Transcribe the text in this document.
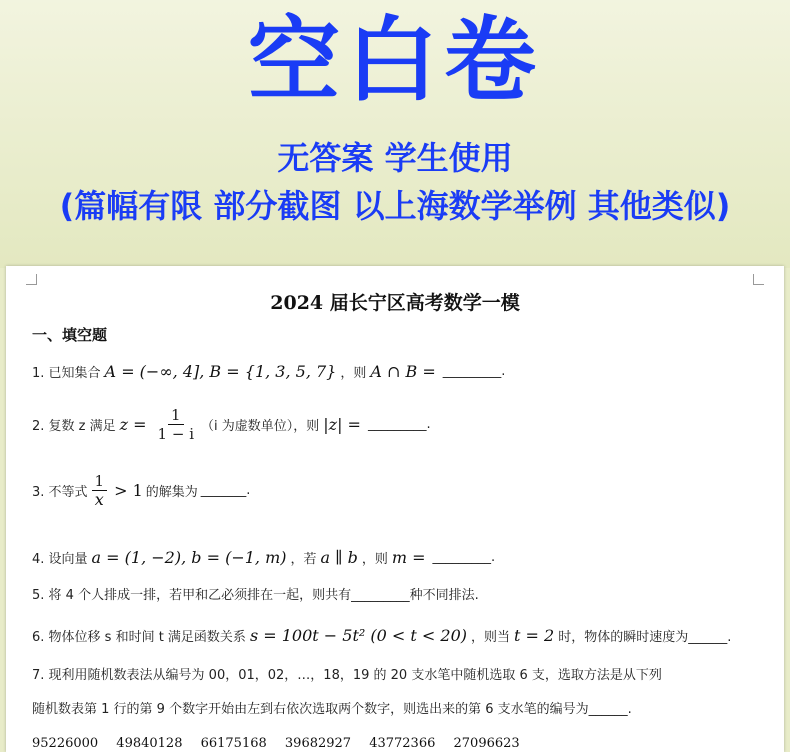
空白卷
无答案 学生使用
(篇幅有限 部分截图 以上海数学举例 其他类似)
2024 届长宁区高考数学一模
一、填空题
1. 已知集合 A = (−∞, 4], B = {1, 3, 5, 7} ，则 A ∩ B = _________.
2. 复数 z 满足 $z = \frac{1}{1 - i} (i$ 为虚数单位），则 |z| = _________.
3. 不等式 $\frac{1}{x} > 1$ 的解集为 _______.
4. 设向量 a = (1, −2), b = (−1, m) ，若 a ∥ b ，则 m = _________.
5. 将 4 个人排成一排，若甲和乙必须排在一起，则共有_________种不同排法.
6. 物体位移 s 和时间 t 满足函数关系 s = 100t − 5t² (0 < t < 20) ，则当 t = 2 时，物体的瞬时速度为______.
7. 现利用随机数表法从编号为 00，01，02，…，18，19 的 20 支水笔中随机选取 6 支，选取方法是从下列
随机数表第 1 行的第 9 个数字开始由左到右依次选取两个数字，则选出来的第 6 支水笔的编号为______.
95226000 49840128 66175168 39682927 43772366 27096623
